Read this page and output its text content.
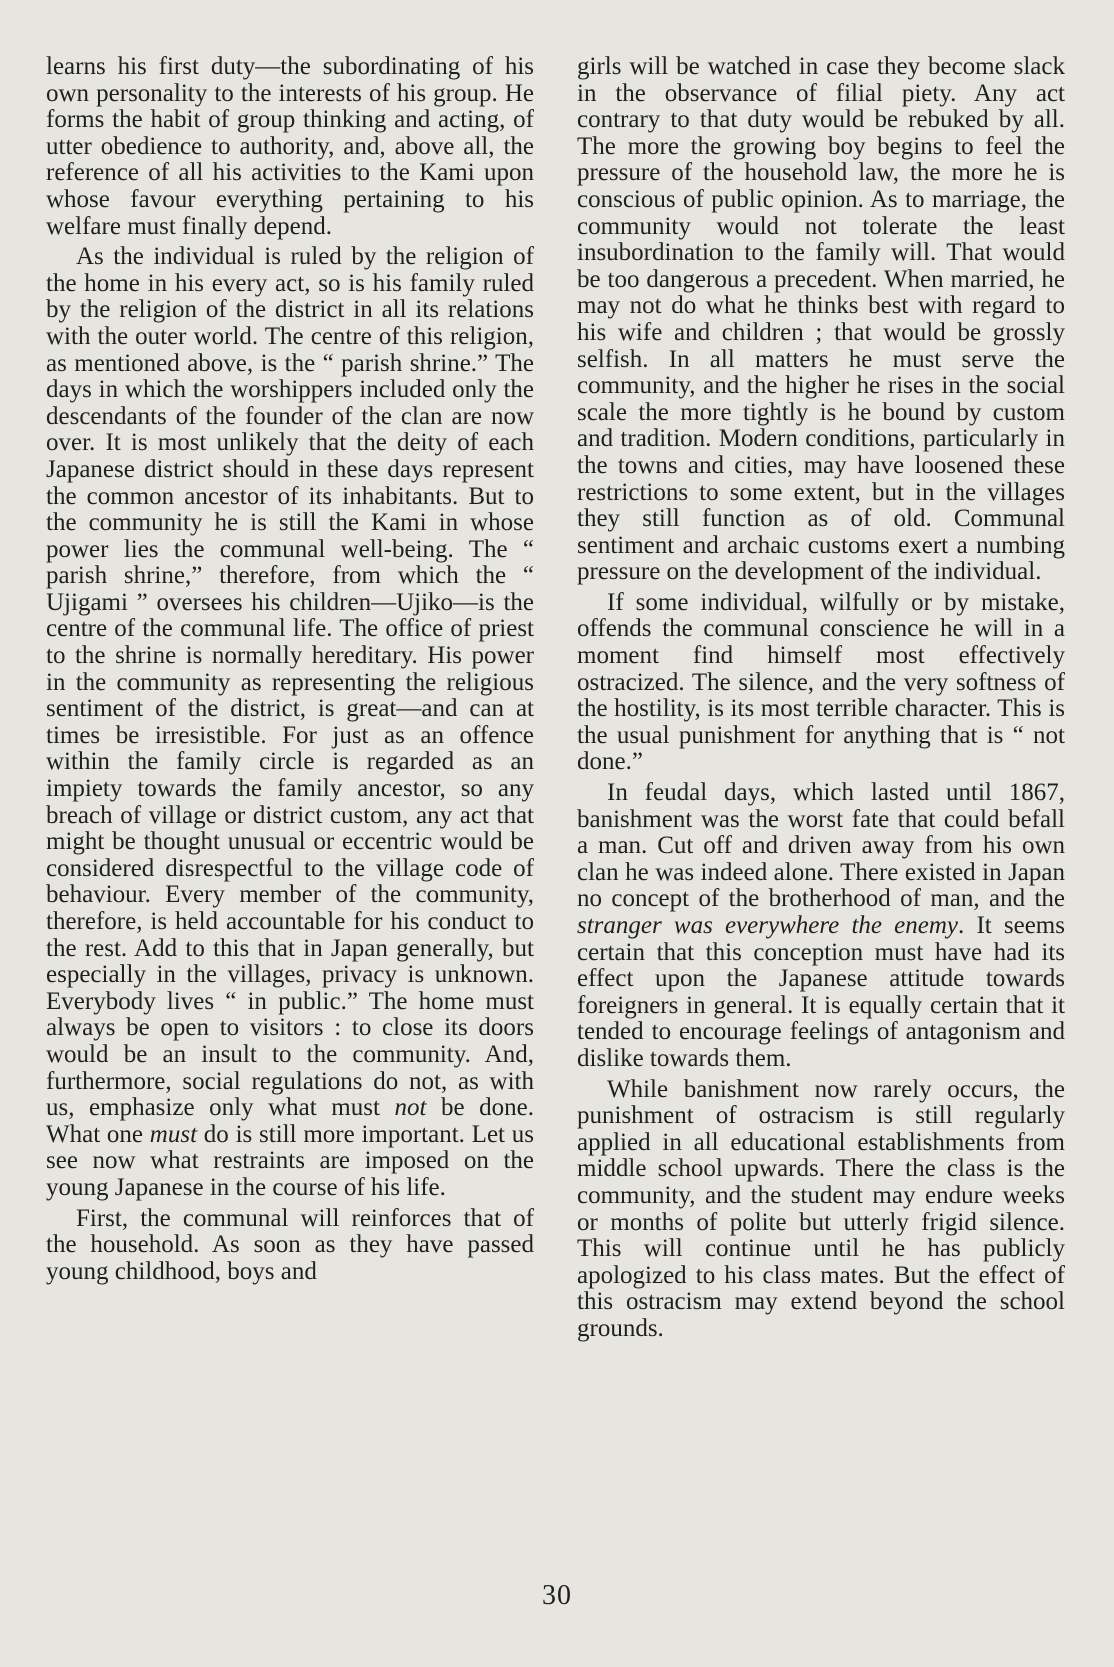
learns his first duty—the subordinating of his own personality to the interests of his group. He forms the habit of group thinking and acting, of utter obedience to authority, and, above all, the reference of all his activities to the Kami upon whose favour everything pertaining to his welfare must finally depend.

As the individual is ruled by the religion of the home in his every act, so is his family ruled by the religion of the district in all its relations with the outer world. The centre of this religion, as mentioned above, is the “ parish shrine.” The days in which the worshippers included only the descendants of the founder of the clan are now over. It is most unlikely that the deity of each Japanese district should in these days represent the common ancestor of its inhabitants. But to the community he is still the Kami in whose power lies the communal well-being. The “ parish shrine,” therefore, from which the “ Ujigami ” oversees his children—Ujiko—is the centre of the communal life. The office of priest to the shrine is normally hereditary. His power in the community as representing the religious sentiment of the district, is great—and can at times be irresistible. For just as an offence within the family circle is regarded as an impiety towards the family ancestor, so any breach of village or district custom, any act that might be thought unusual or eccentric would be considered disrespectful to the village code of behaviour. Every member of the community, therefore, is held accountable for his conduct to the rest. Add to this that in Japan generally, but especially in the villages, privacy is unknown. Everybody lives “ in public.” The home must always be open to visitors : to close its doors would be an insult to the community. And, furthermore, social regulations do not, as with us, emphasize only what must not be done. What one must do is still more important. Let us see now what restraints are imposed on the young Japanese in the course of his life.

First, the communal will reinforces that of the household. As soon as they have passed young childhood, boys and

girls will be watched in case they become slack in the observance of filial piety. Any act contrary to that duty would be rebuked by all. The more the growing boy begins to feel the pressure of the household law, the more he is conscious of public opinion. As to marriage, the community would not tolerate the least insubordination to the family will. That would be too dangerous a precedent. When married, he may not do what he thinks best with regard to his wife and children ; that would be grossly selfish. In all matters he must serve the community, and the higher he rises in the social scale the more tightly is he bound by custom and tradition. Modern conditions, particularly in the towns and cities, may have loosened these restrictions to some extent, but in the villages they still function as of old. Communal sentiment and archaic customs exert a numbing pressure on the development of the individual.

If some individual, wilfully or by mistake, offends the communal conscience he will in a moment find himself most effectively ostracized. The silence, and the very softness of the hostility, is its most terrible character. This is the usual punishment for anything that is “ not done.”

In feudal days, which lasted until 1867, banishment was the worst fate that could befall a man. Cut off and driven away from his own clan he was indeed alone. There existed in Japan no concept of the brotherhood of man, and the stranger was everywhere the enemy. It seems certain that this conception must have had its effect upon the Japanese attitude towards foreigners in general. It is equally certain that it tended to encourage feelings of antagonism and dislike towards them.

While banishment now rarely occurs, the punishment of ostracism is still regularly applied in all educational establishments from middle school upwards. There the class is the community, and the student may endure weeks or months of polite but utterly frigid silence. This will continue until he has publicly apologized to his class mates. But the effect of this ostracism may extend beyond the school grounds.

30
